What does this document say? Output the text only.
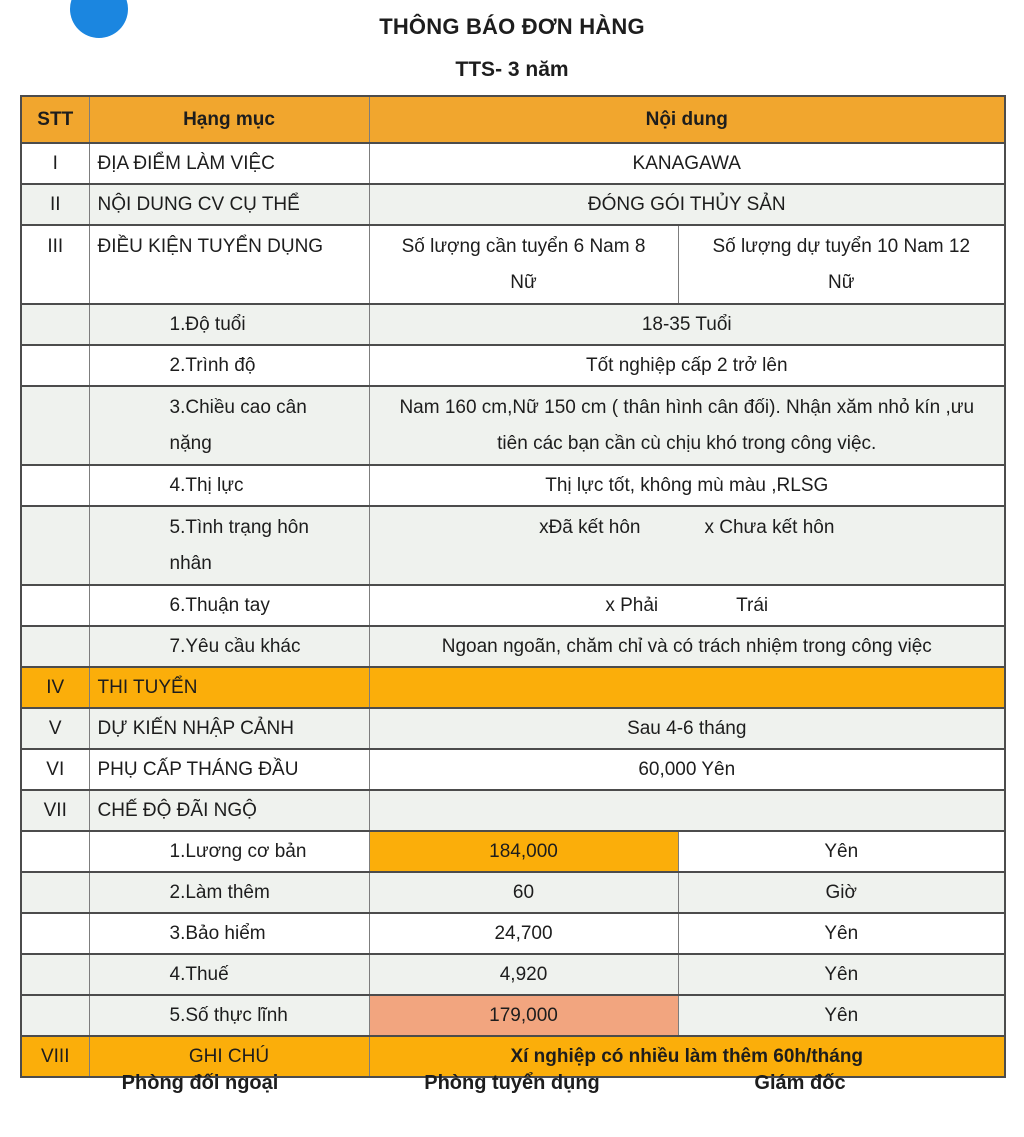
THÔNG BÁO ĐƠN HÀNG
TTS- 3 năm
STT	Hạng mục	Nội dung	
I	ĐỊA ĐIỂM LÀM VIỆC	KANAGAWA	
II	NỘI DUNG CV CỤ THỂ	ĐÓNG GÓI THỦY SẢN	
III	ĐIỀU KIỆN TUYỂN DỤNG	Số lượng cần tuyển 6 Nam 8 Nữ	Số lượng dự tuyển 10 Nam 12 Nữ
	1.Độ tuổi	18-35 Tuổi	
	2.Trình độ	Tốt nghiệp cấp 2 trở lên	
	3.Chiều cao cân nặng	Nam 160 cm,Nữ 150 cm ( thân hình cân đối). Nhận xăm nhỏ kín ,ưu tiên các bạn cần cù chịu khó trong công việc.	
	4.Thị lực	Thị lực tốt, không mù màu ,RLSG	
	5.Tình trạng hôn nhân	xĐã kết hôn x Chưa kết hôn	

	6.Thuận tay	x Phải Trái	

	7.Yêu cầu khác	Ngoan ngoãn, chăm chỉ và có trách nhiệm trong công việc	
IV	THI TUYỂN		
V	DỰ KIẾN NHẬP CẢNH	Sau 4-6 tháng	
VI	PHỤ CẤP THÁNG ĐẦU	60,000 Yên	
VII	CHẾ ĐỘ ĐÃI NGỘ		
	1.Lương cơ bản	184,000	Yên
	2.Làm thêm	60	Giờ
	3.Bảo hiểm	24,700	Yên
	4.Thuế	4,920	Yên
	5.Số thực lĩnh	179,000	Yên
VIII	GHI CHÚ	Xí nghiệp có nhiều làm thêm 60h/tháng	
Phòng đối ngoại	Phòng tuyển dụng	Giám đốc
